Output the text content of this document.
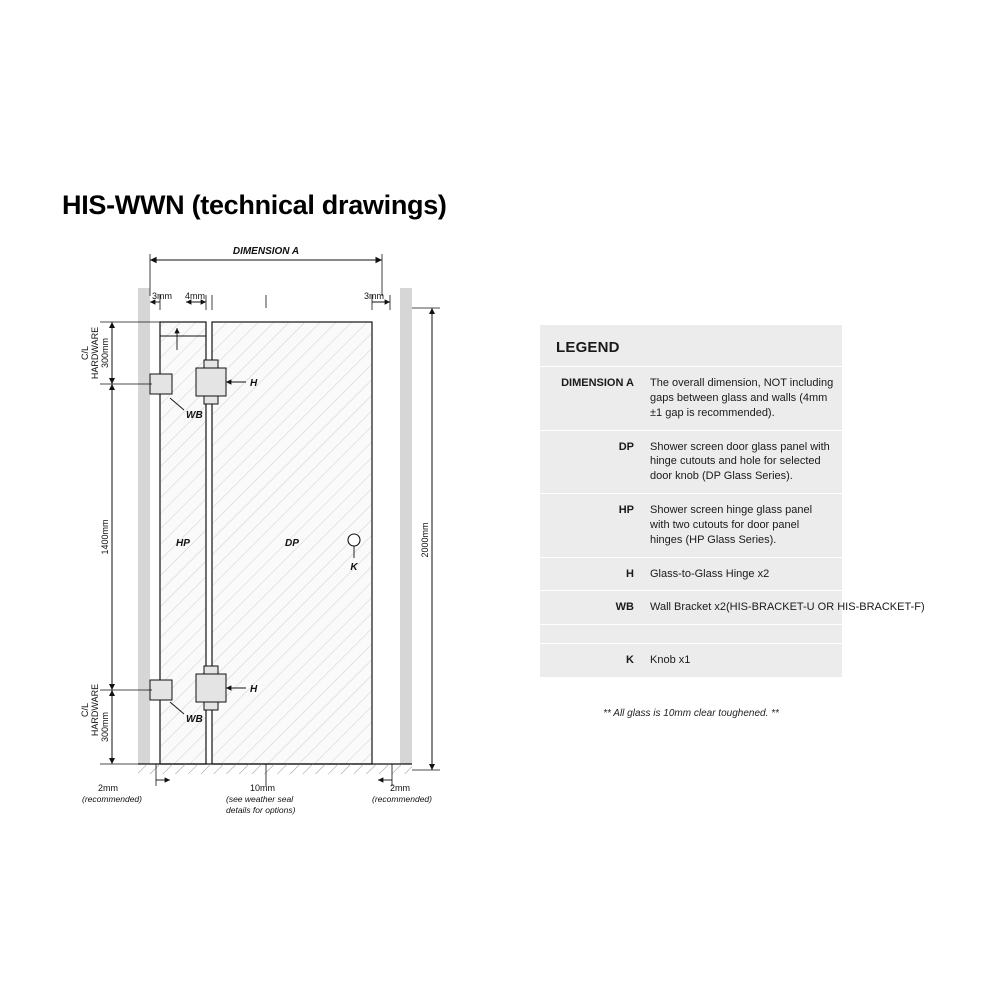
HIS-WWN (technical drawings)
DIMENSION A
3mm 4mm	3mm
HP	DP
WB
H
WB
H
K
300mm
1400mm
300mm
C/L HARDWARE
C/L HARDWARE
2000mm
2mm
(recommended)
10mm
(see weather seal
details for options)
2mm
(recommended)
LEGEND
DIMENSION A	The overall dimension, NOT including gaps between glass and walls (4mm ±1 gap is recommended).
DP	Shower screen door glass panel with hinge cutouts and hole for selected door knob (DP Glass Series).
HP	Shower screen hinge glass panel with two cutouts for door panel hinges (HP Glass Series).
H	Glass-to-Glass Hinge x2
WB	Wall Bracket x2(HIS-BRACKET-U OR HIS-BRACKET-F)
K	Knob x1
** All glass is 10mm clear toughened. **
